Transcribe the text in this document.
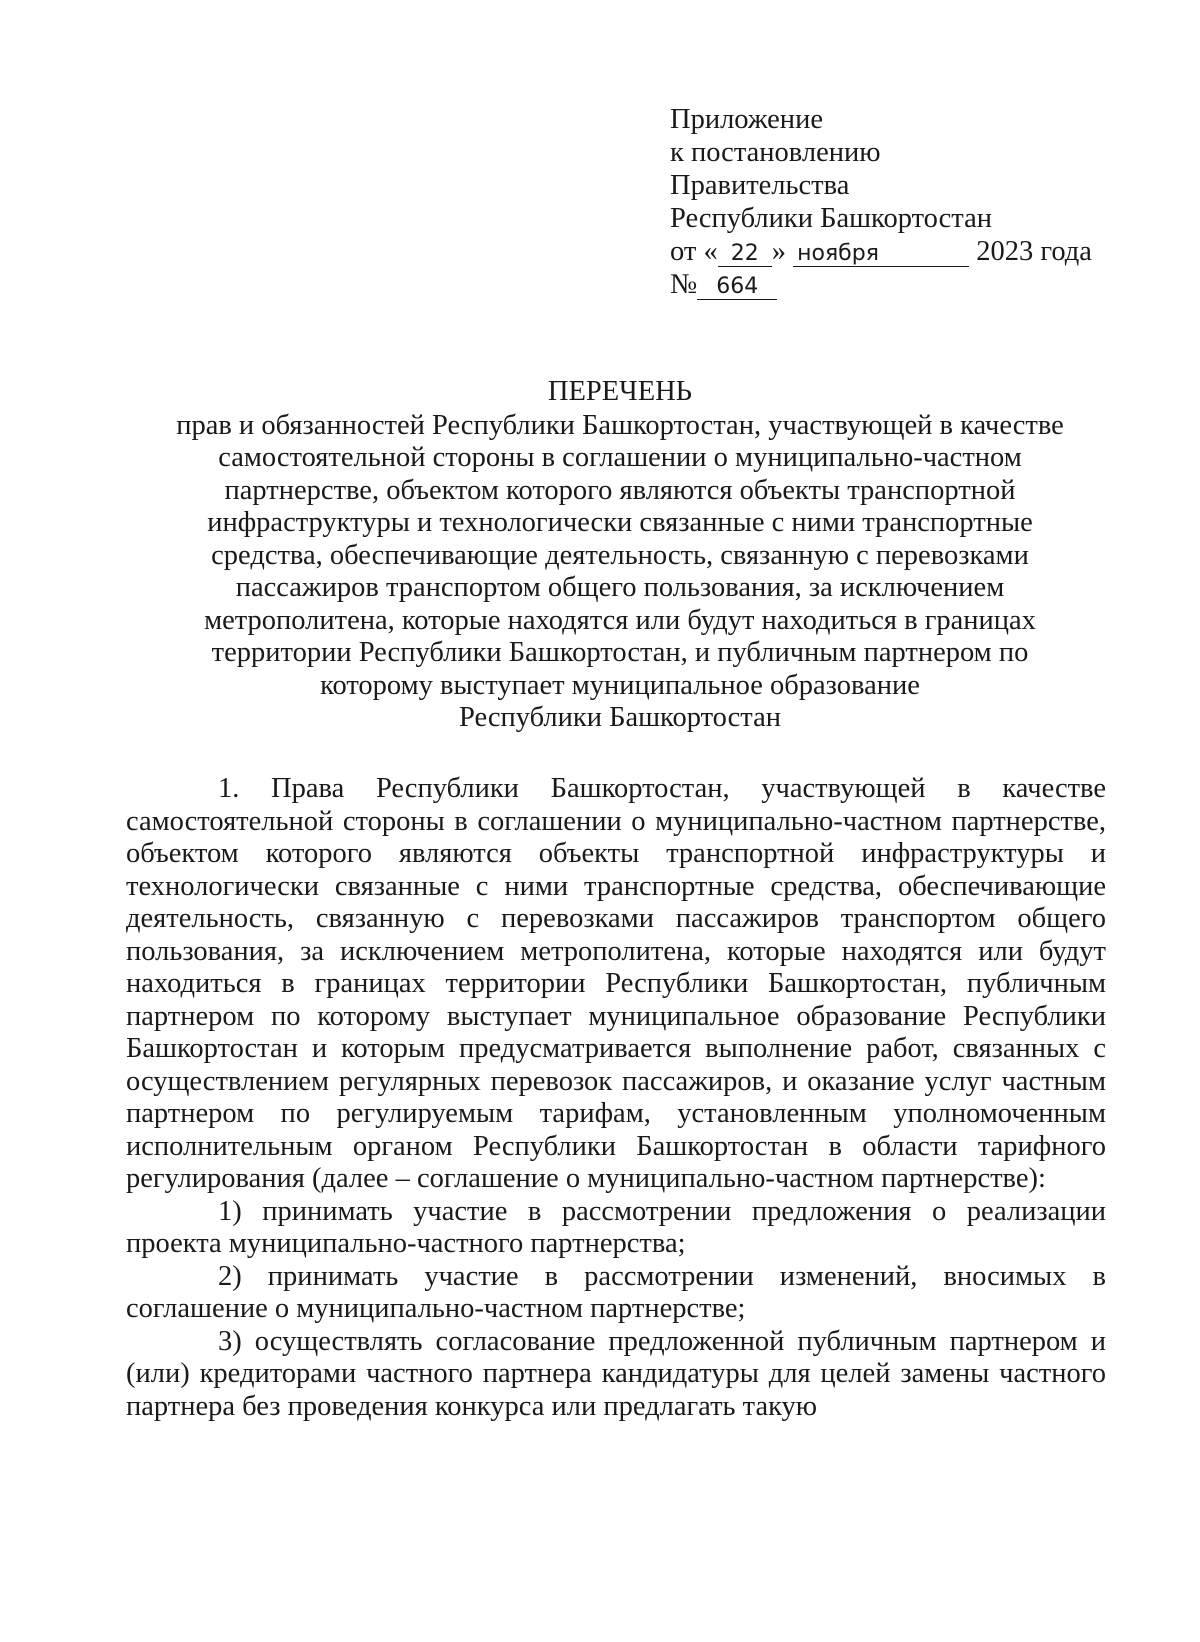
Приложение
к постановлению
Правительства
Республики Башкортостан
от « 22 » ноября	2023 года
№ 664
ПЕРЕЧЕНЬ
прав и обязанностей Республики Башкортостан, участвующей в качестве
самостоятельной стороны в соглашении о муниципально-частном
партнерстве, объектом которого являются объекты транспортной
инфраструктуры и технологически связанные с ними транспортные
средства, обеспечивающие деятельность, связанную с перевозками
пассажиров транспортом общего пользования, за исключением
метрополитена, которые находятся или будут находиться в границах
территории Республики Башкортостан, и публичным партнером по
которому выступает муниципальное образование
Республики Башкортостан

1. Права Республики Башкортостан, участвующей в качестве самостоятельной стороны в соглашении о муниципально-частном партнерстве, объектом которого являются объекты транспортной инфраструктуры и технологически связанные с ними транспортные средства, обеспечивающие деятельность, связанную с перевозками пассажиров транспортом общего пользования, за исключением метрополитена, которые находятся или будут находиться в границах территории Республики Башкортостан, публичным партнером по которому выступает муниципальное образование Республики Башкортостан и которым предусматривается выполнение работ, связанных с осуществлением регулярных перевозок пассажиров, и оказание услуг частным партнером по регулируемым тарифам, установленным уполномоченным исполнительным органом Республики Башкортостан в области тарифного регулирования (далее – соглашение о муниципально-частном партнерстве):

1) принимать участие в рассмотрении предложения о реализации проекта муниципально-частного партнерства;

2) принимать участие в рассмотрении изменений, вносимых в соглашение о муниципально-частном партнерстве;

3) осуществлять согласование предложенной публичным партнером и (или) кредиторами частного партнера кандидатуры для целей замены частного партнера без проведения конкурса или предлагать такую
